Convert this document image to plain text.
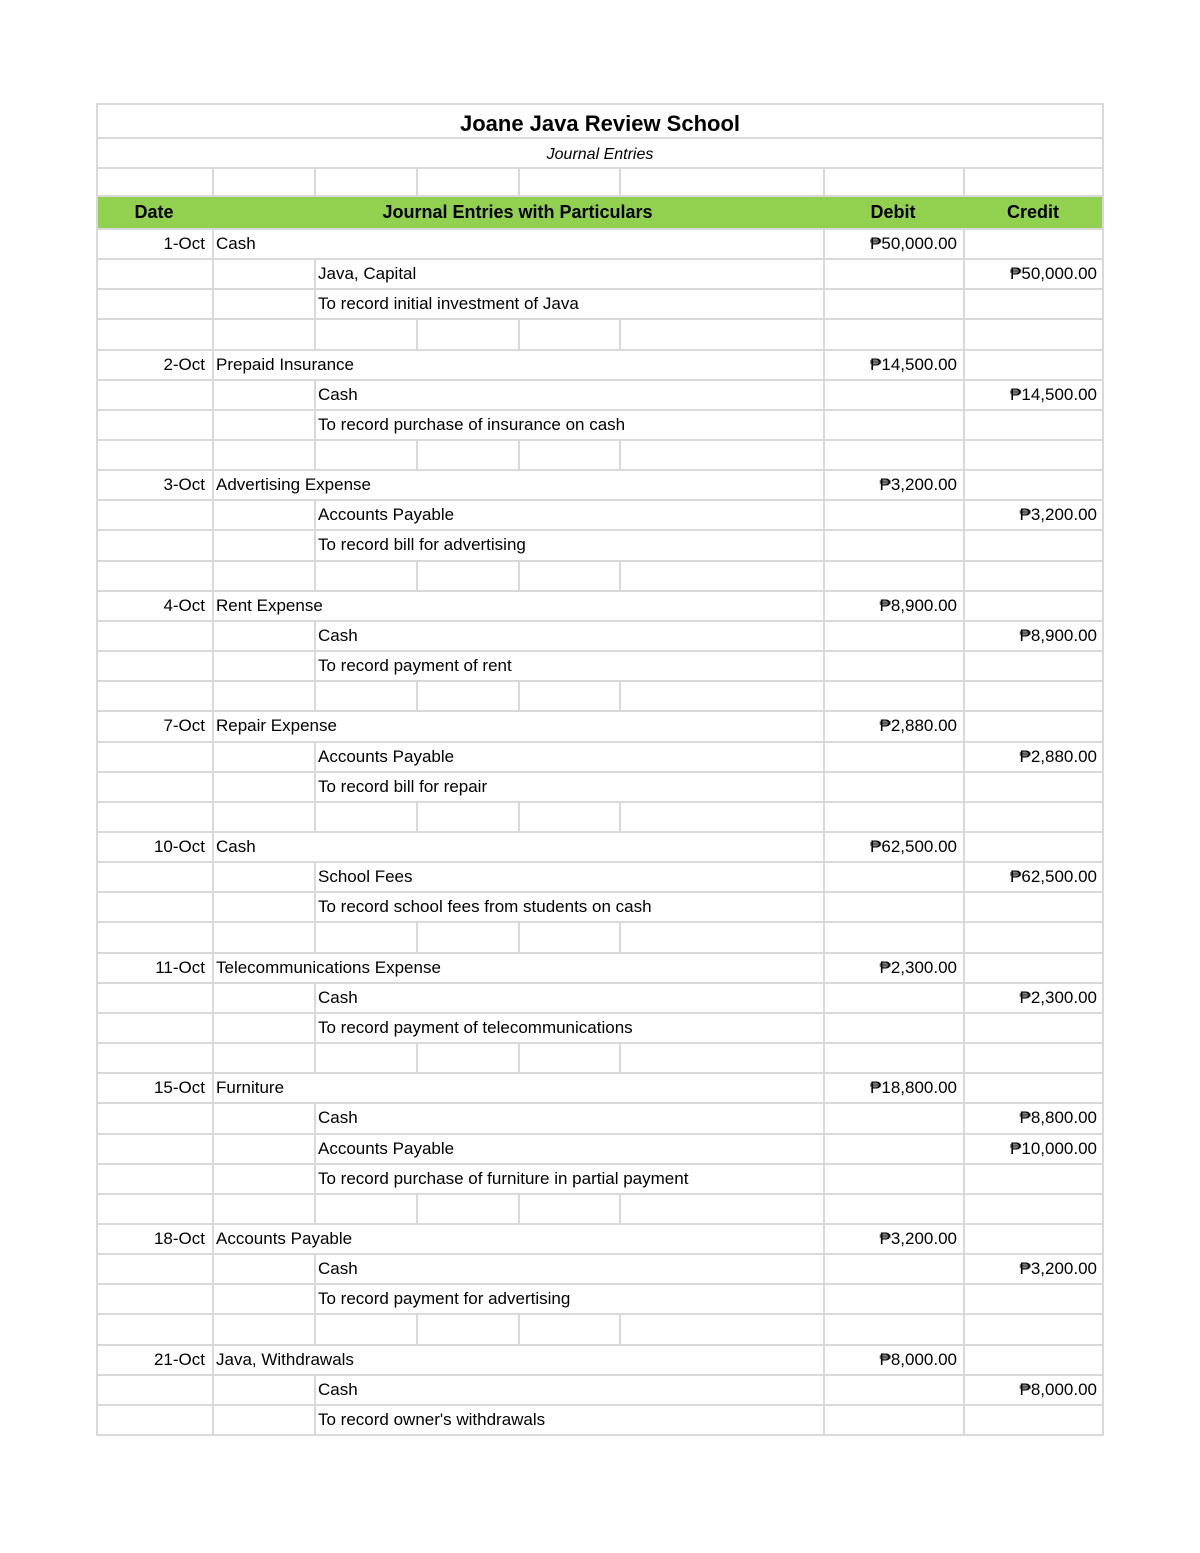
Joane Java Review School
Journal Entries
Date	Journal Entries with Particulars	Debit	Credit
1-Oct Cash	₱50,000.00
Java, Capital	₱50,000.00
To record initial investment of Java
2-Oct Prepaid Insurance	₱14,500.00
Cash	₱14,500.00
To record purchase of insurance on cash
3-Oct Advertising Expense	₱3,200.00
Accounts Payable	₱3,200.00
To record bill for advertising
4-Oct Rent Expense	₱8,900.00
Cash	₱8,900.00
To record payment of rent
7-Oct Repair Expense	₱2,880.00
Accounts Payable	₱2,880.00
To record bill for repair
10-Oct Cash	₱62,500.00
School Fees	₱62,500.00
To record school fees from students on cash
11-Oct Telecommunications Expense	₱2,300.00
Cash	₱2,300.00
To record payment of telecommunications
15-Oct Furniture	₱18,800.00
Cash	₱8,800.00
Accounts Payable	₱10,000.00
To record purchase of furniture in partial payment
18-Oct Accounts Payable	₱3,200.00
Cash	₱3,200.00
To record payment for advertising
21-Oct Java, Withdrawals	₱8,000.00
Cash	₱8,000.00
To record owner's withdrawals
